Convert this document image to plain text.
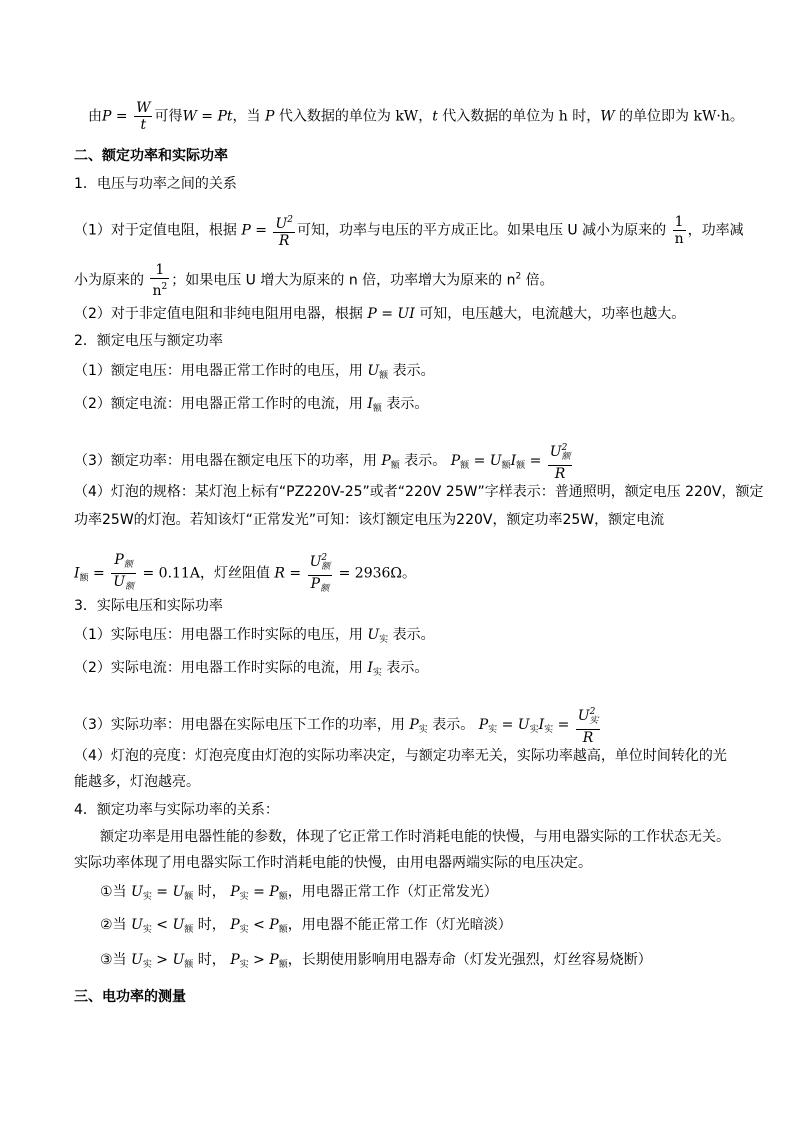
由$P = \frac{W}{t}$ 可得W = Pt，当 P 代入数据的单位为 kW，t 代入数据的单位为 h 时，W 的单位即为 kW·h。
二、额定功率和实际功率
1．电压与功率之间的关系
（1）对于定值电阻，根据 $P = \frac{U^2}{R}$ 可知，功率与电压的平方成正比。如果电压 U 减小为原来的 $\frac{1}{n}$ ，功率减
小为原来的 $\frac{1}{n^2}$ ；如果电压 U 增大为原来的 n 倍，功率增大为原来的 $n^2$ 倍。
（2）对于非定值电阻和非纯电阻用电器，根据 P = UI 可知，电压越大，电流越大，功率也越大。
2．额定电压与额定功率
（1）额定电压：用电器正常工作时的电压，用 $U_额$ 表示。
（2）额定电流：用电器正常工作时的电流，用 $I_额$ 表示。
（3）额定功率：用电器在额定电压下的功率，用 $P_额$ 表示。 $P_额 = U_额I_额 = \frac{U^2_额}{R}$
（4）灯泡的规格：某灯泡上标有“PZ220V-25”或者“220V 25W”字样表示：普通照明，额定电压 220V，额定
功率25W的灯泡。若知该灯“正常发光”可知：该灯额定电压为220V，额定功率25W，额定电流
$I_额 = \frac{P_额}{U_额} = 0.11A$，灯丝阻值 $R = \frac{U^2_额}{P_额} = 2936\Omega$。
3．实际电压和实际功率
（1）实际电压：用电器工作时实际的电压，用 $U_实$ 表示。
（2）实际电流：用电器工作时实际的电流，用 $I_实$ 表示。
（3）实际功率：用电器在实际电压下工作的功率，用 $P_实$ 表示。 $P_实 = U_实I_实 = \frac{U^2_实}{R}$
（4）灯泡的亮度：灯泡亮度由灯泡的实际功率决定，与额定功率无关，实际功率越高，单位时间转化的光
能越多，灯泡越亮。
4．额定功率与实际功率的关系：
额定功率是用电器性能的参数，体现了它正常工作时消耗电能的快慢，与用电器实际的工作状态无关。
实际功率体现了用电器实际工作时消耗电能的快慢，由用电器两端实际的电压决定。
①当 $U_实 = U_额$ 时， $P_实 = P_额$，用电器正常工作（灯正常发光）
②当 $U_实 < U_额$ 时， $P_实 < P_额$，用电器不能正常工作（灯光暗淡）
③当 $U_实 > U_额$ 时， $P_实 > P_额$，长期使用影响用电器寿命（灯发光强烈，灯丝容易烧断）
三、电功率的测量
